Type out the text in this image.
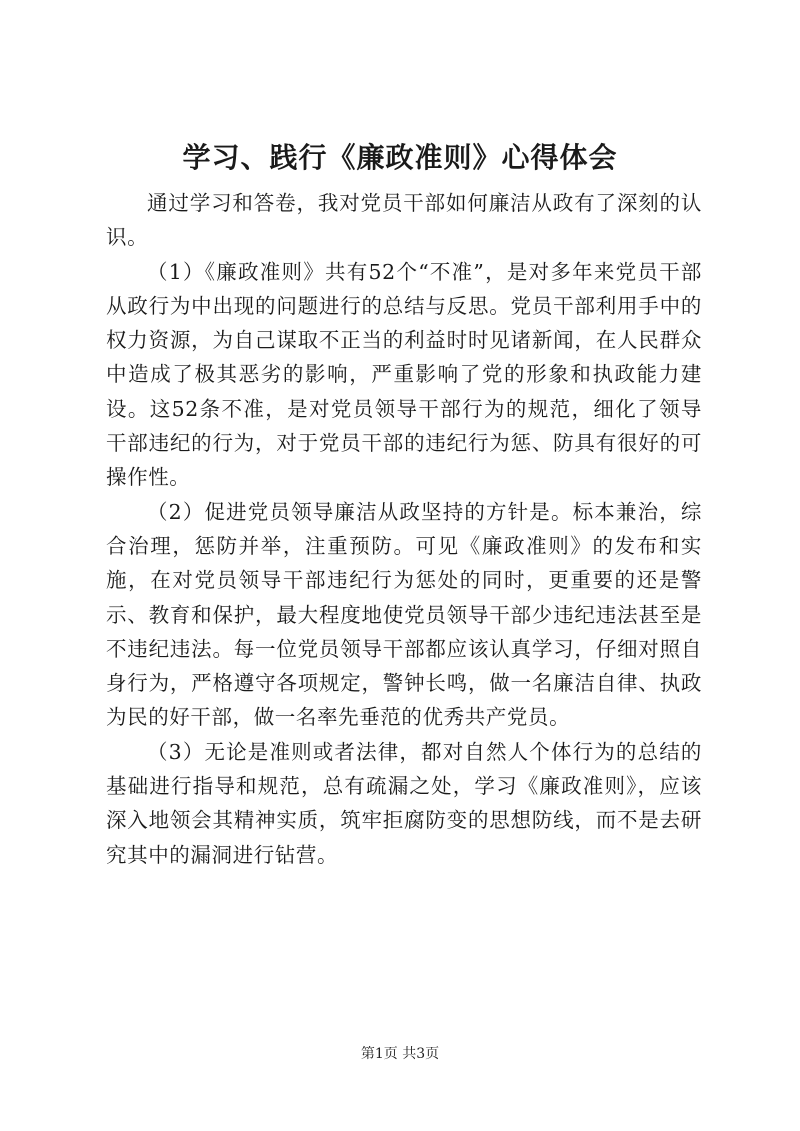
学习、践行《廉政准则》心得体会

通过学习和答卷，我对党员干部如何廉洁从政有了深刻的认识。

（1）《廉政准则》共有52个“不准”，是对多年来党员干部从政行为中出现的问题进行的总结与反思。党员干部利用手中的权力资源，为自己谋取不正当的利益时时见诸新闻，在人民群众中造成了极其恶劣的影响，严重影响了党的形象和执政能力建设。这52条不准，是对党员领导干部行为的规范，细化了领导干部违纪的行为，对于党员干部的违纪行为惩、防具有很好的可操作性。

（2）促进党员领导廉洁从政坚持的方针是。标本兼治，综合治理，惩防并举，注重预防。可见《廉政准则》的发布和实施，在对党员领导干部违纪行为惩处的同时，更重要的还是警示、教育和保护，最大程度地使党员领导干部少违纪违法甚至是不违纪违法。每一位党员领导干部都应该认真学习，仔细对照自身行为，严格遵守各项规定，警钟长鸣，做一名廉洁自律、执政为民的好干部，做一名率先垂范的优秀共产党员。

（3）无论是准则或者法律，都对自然人个体行为的总结的基础进行指导和规范，总有疏漏之处，学习《廉政准则》，应该深入地领会其精神实质，筑牢拒腐防变的思想防线，而不是去研究其中的漏洞进行钻营。

第1页 共3页
